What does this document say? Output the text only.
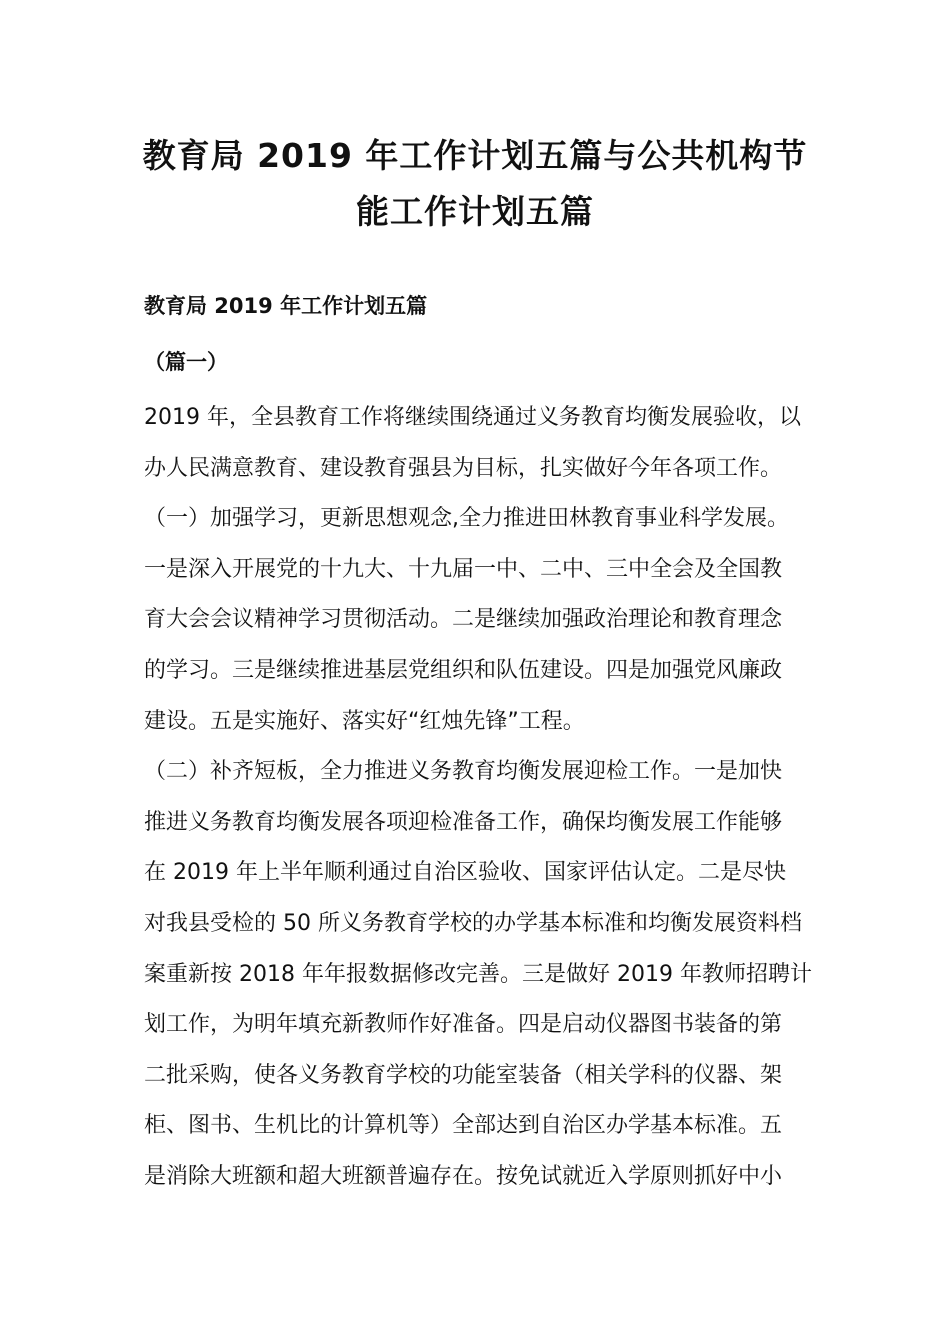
教育局 2019 年工作计划五篇与公共机构节
能工作计划五篇
教育局 2019 年工作计划五篇
（篇一）
2019 年，全县教育工作将继续围绕通过义务教育均衡发展验收，以
办人民满意教育、建设教育强县为目标，扎实做好今年各项工作。
（一）加强学习，更新思想观念,全力推进田林教育事业科学发展。
一是深入开展党的十九大、十九届一中、二中、三中全会及全国教
育大会会议精神学习贯彻活动。二是继续加强政治理论和教育理念
的学习。三是继续推进基层党组织和队伍建设。四是加强党风廉政
建设。五是实施好、落实好“红烛先锋”工程。
（二）补齐短板，全力推进义务教育均衡发展迎检工作。一是加快
推进义务教育均衡发展各项迎检准备工作，确保均衡发展工作能够
在 2019 年上半年顺利通过自治区验收、国家评估认定。二是尽快
对我县受检的 50 所义务教育学校的办学基本标准和均衡发展资料档
案重新按 2018 年年报数据修改完善。三是做好 2019 年教师招聘计
划工作，为明年填充新教师作好准备。四是启动仪器图书装备的第
二批采购，使各义务教育学校的功能室装备（相关学科的仪器、架
柜、图书、生机比的计算机等）全部达到自治区办学基本标准。五
是消除大班额和超大班额普遍存在。按免试就近入学原则抓好中小
